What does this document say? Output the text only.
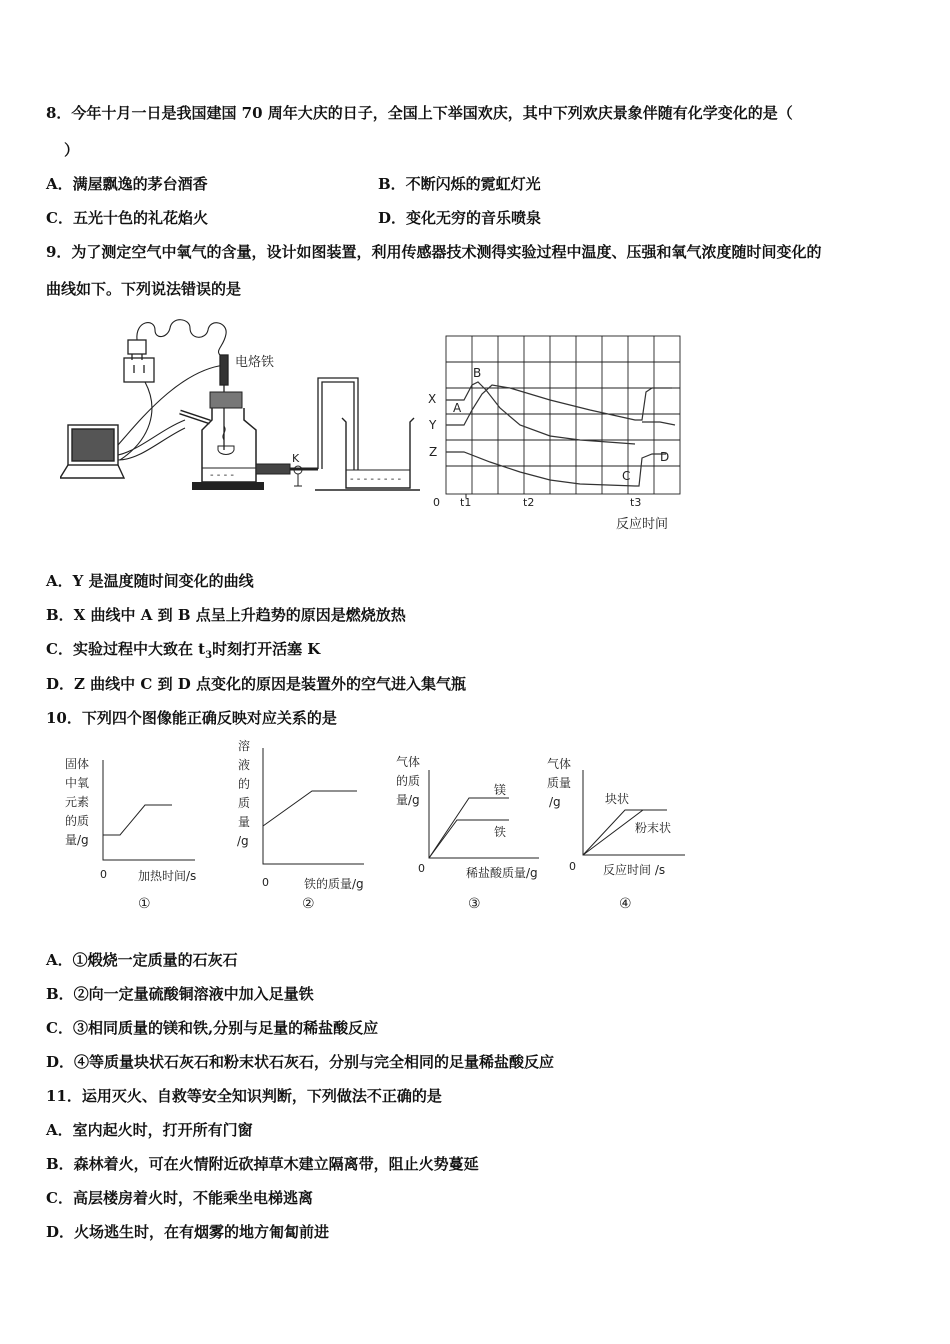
8．今年十月一日是我国建国 70 周年大庆的日子，全国上下举国欢庆，其中下列欢庆景象伴随有化学变化的是（
）
A．满屋飘逸的茅台酒香	B．不断闪烁的霓虹灯光
C．五光十色的礼花焰火	D．变化无穷的音乐喷泉
9．为了测定空气中氧气的含量，设计如图装置，利用传感器技术测得实验过程中温度、压强和氧气浓度随时间变化的
曲线如下。下列说法错误的是
电烙铁
- - - -
K
- - - - - - - -
X
Y
Z
A
B
C
D
0 t1	t2	t3
反应时间
A．Y 是温度随时间变化的曲线
B．X 曲线中 A 到 B 点呈上升趋势的原因是燃烧放热
C．实验过程中大致在 $t_3$时刻打开活塞 K
D．Z 曲线中 C 到 D 点变化的原因是装置外的空气进入集气瓶
10．下列四个图像能正确反映对应关系的是
固体
中氧
元素
的质
量/g
0	加热时间/s
①
溶
液
的
质
量
/g
0	铁的质量/g
②
气体
的质
量/g
镁
铁
0	稀盐酸质量/g
③
气体
质量
/g	块状
粉末状
0 反应时间 /s
④
A．①煅烧一定质量的石灰石
B．②向一定量硫酸铜溶液中加入足量铁
C．③相同质量的镁和铁,分别与足量的稀盐酸反应
D．④等质量块状石灰石和粉末状石灰石，分别与完全相同的足量稀盐酸反应
11．运用灭火、自救等安全知识判断，下列做法不正确的是
A．室内起火时，打开所有门窗
B．森林着火，可在火情附近砍掉草木建立隔离带，阻止火势蔓延
C．高层楼房着火时，不能乘坐电梯逃离
D．火场逃生时，在有烟雾的地方匍匐前进
